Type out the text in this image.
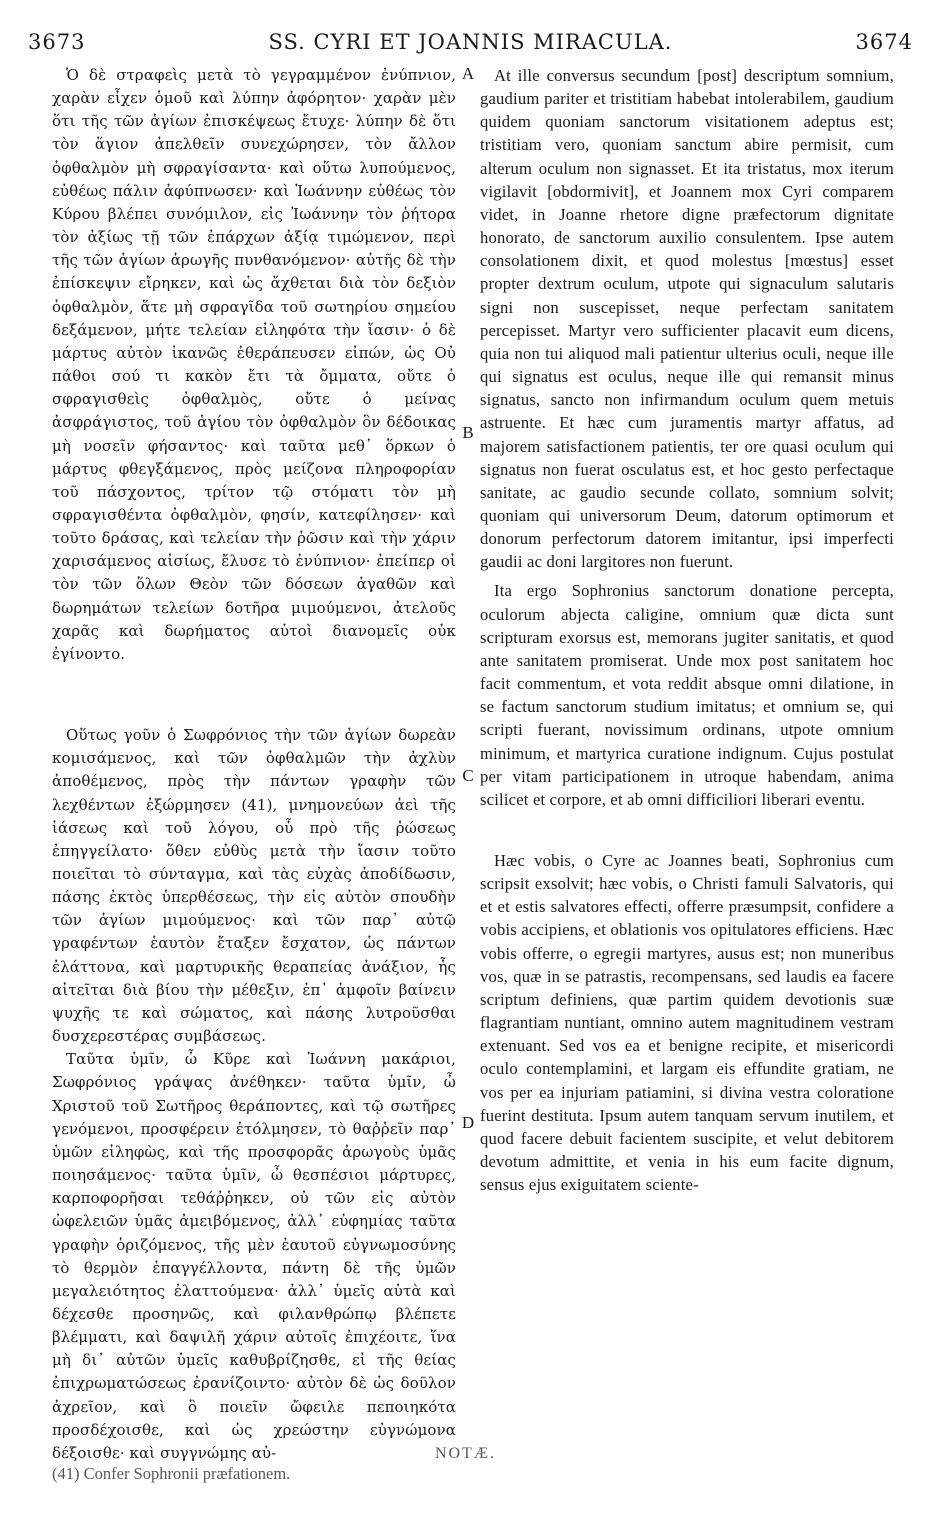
3673	SS. CYRI ET JOANNIS MIRACULA.	3674

Ὁ δὲ στραφεὶς μετὰ τὸ γεγραμμένον ἐνύπνιον, χαρὰν εἶχεν ὁμοῦ καὶ λύπην ἀφόρητον· χαρὰν μὲν ὅτι τῆς τῶν ἁγίων ἐπισκέψεως ἔτυχε· λύπην δὲ ὅτι τὸν ἅγιον ἀπελθεῖν συνεχώρησεν, τὸν ἄλλον ὀφθαλμὸν μὴ σφραγίσαντα· καὶ οὕτω λυπούμενος, εὐθέως πάλιν ἀφύπνωσεν· καὶ Ἰωάννην εὐθέως τὸν Κύρου βλέπει συνόμιλον, εἰς Ἰωάννην τὸν ῥήτορα τὸν ἀξίως τῇ τῶν ἐπάρχων ἀξίᾳ τιμώμενον, περὶ τῆς τῶν ἁγίων ἀρωγῆς πυνθανόμενον· αὐτῆς δὲ τὴν ἐπίσκεψιν εἴρηκεν, καὶ ὡς ἄχθεται διὰ τὸν δεξιὸν ὀφθαλμὸν, ἅτε μὴ σφραγῖδα τοῦ σωτηρίου σημείου δεξάμενον, μήτε τελείαν εἰληφότα τὴν ἴασιν· ὁ δὲ μάρτυς αὐτὸν ἱκανῶς ἐθεράπευσεν εἰπών, ὡς Οὐ πάθοι σού τι κακὸν ἔτι τὰ ὄμματα, οὔτε ὁ σφραγισθεὶς ὀφθαλμὸς, οὔτε ὁ μείνας ἀσφράγιστος, τοῦ ἁγίου τὸν ὀφθαλμὸν ὃν δέδοικας μὴ νοσεῖν φήσαντος· καὶ ταῦτα μεθ᾽ ὅρκων ὁ μάρτυς φθεγξάμενος, πρὸς μείζονα πληροφορίαν τοῦ πάσχοντος, τρίτον τῷ στόματι τὸν μὴ σφραγισθέντα ὀφθαλμὸν, φησίν, κατεφίλησεν· καὶ τοῦτο δράσας, καὶ τελείαν τὴν ῥῶσιν καὶ τὴν χάριν χαρισάμενος αἰσίως, ἔλυσε τὸ ἐνύπνιον· ἐπείπερ οἱ τὸν τῶν ὅλων Θεὸν τῶν δόσεων ἀγαθῶν καὶ δωρημάτων τελείων δοτῆρα μιμούμενοι, ἀτελοῦς χαρᾶς καὶ δωρήματος αὐτοὶ διανομεῖς οὐκ ἐγίνοντο.

Οὕτως γοῦν ὁ Σωφρόνιος τὴν τῶν ἁγίων δωρεὰν κομισάμενος, καὶ τῶν ὀφθαλμῶν τὴν ἀχλὺν ἀποθέμενος, πρὸς τὴν πάντων γραφὴν τῶν λεχθέντων ἐξώρμησεν (41), μνημονεύων ἀεὶ τῆς ἰάσεως καὶ τοῦ λόγου, οὗ πρὸ τῆς ῥώσεως ἐπηγγείλατο· ὅθεν εὐθὺς μετὰ τὴν ἴασιν τοῦτο ποιεῖται τὸ σύνταγμα, καὶ τὰς εὐχὰς ἀποδίδωσιν, πάσης ἐκτὸς ὑπερθέσεως, τὴν εἰς αὐτὸν σπουδὴν τῶν ἁγίων μιμούμενος· καὶ τῶν παρ᾽ αὐτῷ γραφέντων ἑαυτὸν ἔταξεν ἔσχατον, ὡς πάντων ἐλάττονα, καὶ μαρτυρικῆς θεραπείας ἀνάξιον, ἧς αἰτεῖται διὰ βίου τὴν μέθεξιν, ἐπ᾽ ἀμφοῖν βαίνειν ψυχῆς τε καὶ σώματος, καὶ πάσης λυτροῦσθαι δυσχερεστέρας συμβάσεως.

Ταῦτα ὑμῖν, ὦ Κῦρε καὶ Ἰωάννη μακάριοι, Σωφρόνιος γράψας ἀνέθηκεν· ταῦτα ὑμῖν, ὦ Χριστοῦ τοῦ Σωτῆρος θεράποντες, καὶ τῷ σωτῆρες γενόμενοι, προσφέρειν ἐτόλμησεν, τὸ θαῤῥεῖν παρ᾽ ὑμῶν εἰληφὼς, καὶ τῆς προσφορᾶς ἀρωγοὺς ὑμᾶς ποιησάμενος· ταῦτα ὑμῖν, ὦ θεσπέσιοι μάρτυρες, καρποφορῆσαι τεθάῤῥηκεν, οὐ τῶν εἰς αὐτὸν ὠφελειῶν ὑμᾶς ἀμειβόμενος, ἀλλ᾽ εὐφημίας ταῦτα γραφὴν ὁριζόμενος, τῆς μὲν ἑαυτοῦ εὐγνωμοσύνης τὸ θερμὸν ἐπαγγέλλοντα, πάντη δὲ τῆς ὑμῶν μεγαλειότητος ἐλαττούμενα· ἀλλ᾽ ὑμεῖς αὐτὰ καὶ δέχεσθε προσηνῶς, καὶ φιλανθρώπῳ βλέπετε βλέμματι, καὶ δαψιλῆ χάριν αὐτοῖς ἐπιχέοιτε, ἵνα μὴ δι᾽ αὐτῶν ὑμεῖς καθυβρίζησθε, εἰ τῆς θείας ἐπιχρωματώσεως ἐρανίζοιντο· αὐτὸν δὲ ὡς δοῦλον ἀχρεῖον, καὶ ὃ ποιεῖν ὤφειλε πεποιηκότα προσδέχοισθε, καὶ ὡς χρεώστην εὐγνώμονα δέξοισθε· καὶ συγγνώμης αὐ-

At ille conversus secundum [post] descriptum somnium, gaudium pariter et tristitiam habebat intolerabilem, gaudium quidem quoniam sanctorum visitationem adeptus est; tristitiam vero, quoniam sanctum abire permisit, cum alterum oculum non signasset. Et ita tristatus, mox iterum vigilavit [obdormivit], et Joannem mox Cyri comparem videt, in Joanne rhetore digne præfectorum dignitate honorato, de sanctorum auxilio consulentem. Ipse autem consolationem dixit, et quod molestus [mœstus] esset propter dextrum oculum, utpote qui signaculum salutaris signi non suscepisset, neque perfectam sanitatem percepisset. Martyr vero sufficienter placavit eum dicens, quia non tui aliquod mali patientur ulterius oculi, neque ille qui signatus est oculus, neque ille qui remansit minus signatus, sancto non infirmandum oculum quem metuis astruente. Et hæc cum juramentis martyr affatus, ad majorem satisfactionem patientis, ter ore quasi oculum qui signatus non fuerat osculatus est, et hoc gesto perfectaque sanitate, ac gaudio secunde collato, somnium solvit; quoniam qui universorum Deum, datorum optimorum et donorum perfectorum datorem imitantur, ipsi imperfecti gaudii ac doni largitores non fuerunt.

Ita ergo Sophronius sanctorum donatione percepta, oculorum abjecta caligine, omnium quæ dicta sunt scripturam exorsus est, memorans jugiter sanitatis, et quod ante sanitatem promiserat. Unde mox post sanitatem hoc facit commentum, et vota reddit absque omni dilatione, in se factum sanctorum studium imitatus; et omnium se, qui scripti fuerant, novissimum ordinans, utpote omnium minimum, et martyrica curatione indignum. Cujus postulat per vitam participationem in utroque habendam, anima scilicet et corpore, et ab omni difficiliori liberari eventu.

Hæc vobis, o Cyre ac Joannes beati, Sophronius cum scripsit exsolvit; hæc vobis, o Christi famuli Salvatoris, qui et et estis salvatores effecti, offerre præsumpsit, confidere a vobis accipiens, et oblationis vos opitulatores efficiens. Hæc vobis offerre, o egregii martyres, ausus est; non muneribus vos, quæ in se patrastis, recompensans, sed laudis ea facere scriptum definiens, quæ partim quidem devotionis suæ flagrantiam nuntiant, omnino autem magnitudinem vestram extenuant. Sed vos ea et benigne recipite, et misericordi oculo contemplamini, et largam eis effundite gratiam, ne vos per ea injuriam patiamini, si divina vestra coloratione fuerint destituta. Ipsum autem tanquam servum inutilem, et quod facere debuit facientem suscipite, et velut debitorem devotum admittite, et venia in his eum facite dignum, sensus ejus exiguitatem sciente-

A
B
C
D
NOTÆ.
(41) Confer Sophronii præfationem.
